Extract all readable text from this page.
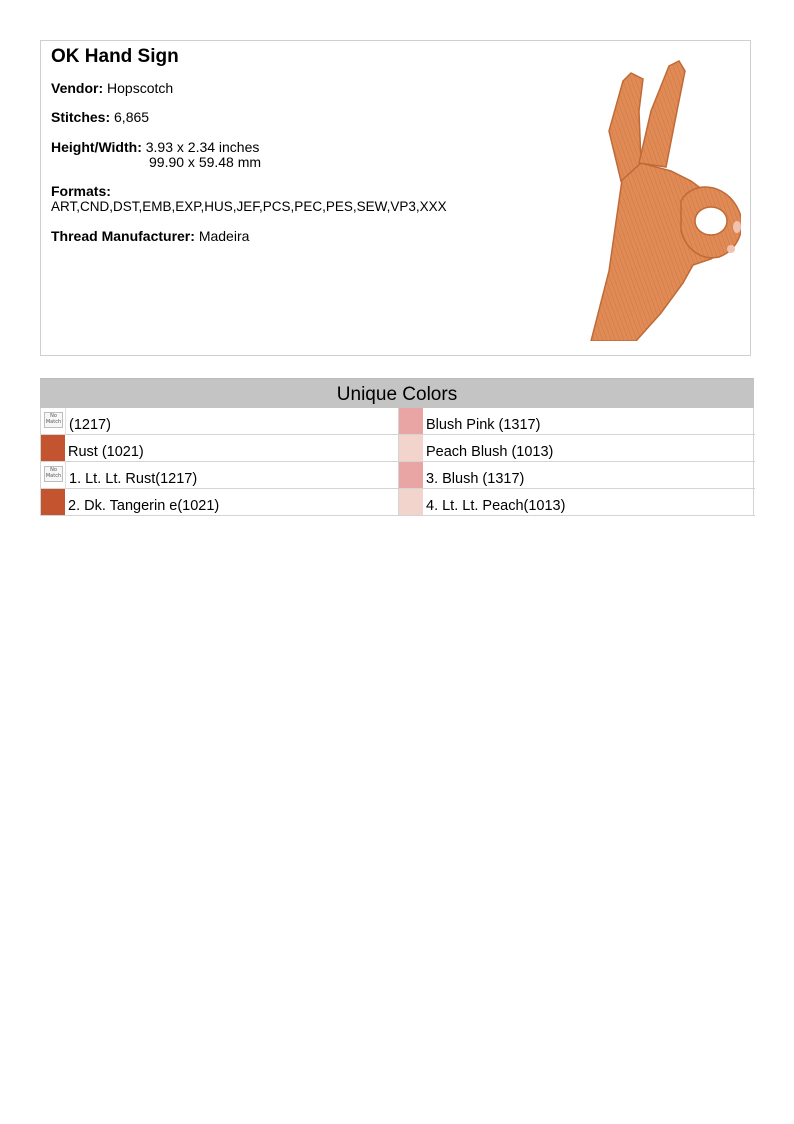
OK Hand Sign
Vendor: Hopscotch
Stitches: 6,865
Height/Width: 3.93 x 2.34 inches
99.90 x 59.48 mm
Formats:
ART,CND,DST,EMB,EXP,HUS,JEF,PCS,PEC,PES,SEW,VP3,XXX
Thread Manufacturer: Madeira
Unique Colors
No Match (1217)	Blush Pink (1317)
Rust (1021)	Peach Blush (1013)
No Match 1. Lt. Lt. Rust(1217)	3. Blush (1317)
2. Dk. Tangerin e(1021)	4. Lt. Lt. Peach(1013)
